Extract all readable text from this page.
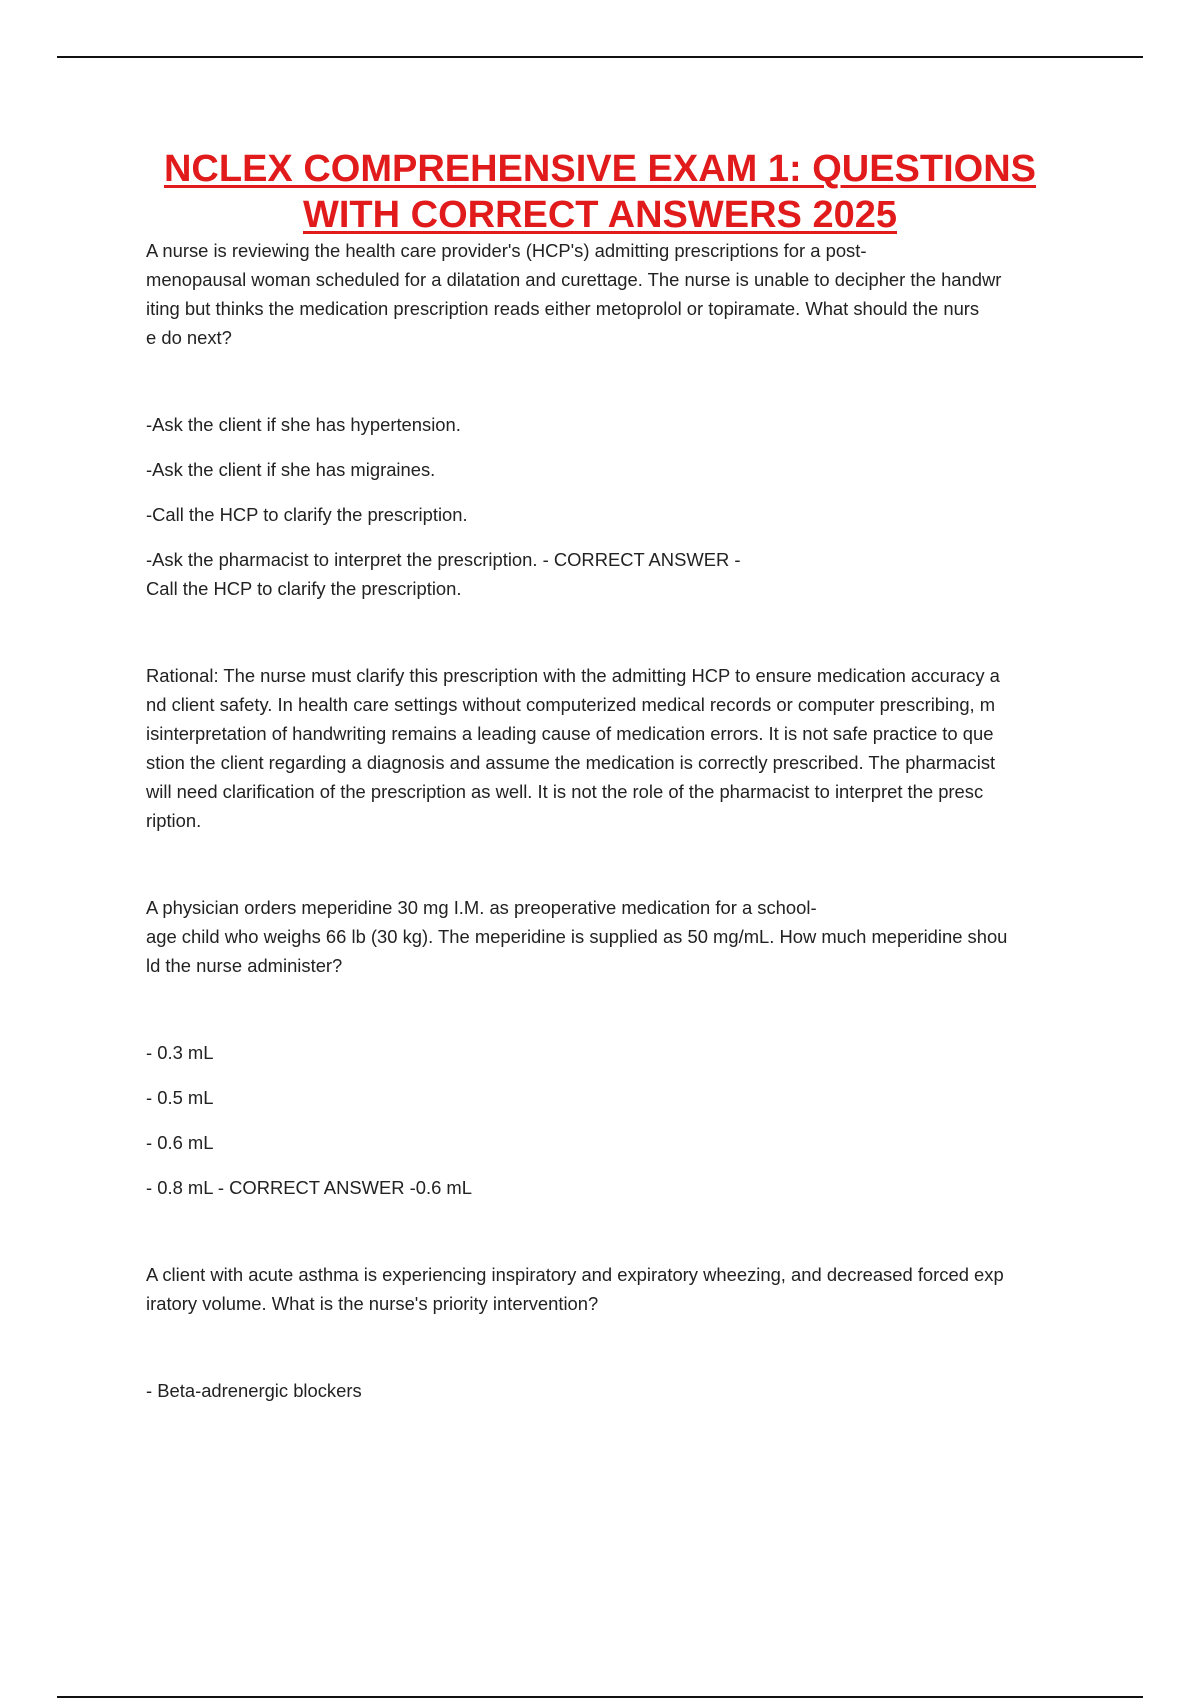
NCLEX COMPREHENSIVE EXAM 1: QUESTIONS
WITH CORRECT ANSWERS 2025

A nurse is reviewing the health care provider's (HCP's) admitting prescriptions for a post-
menopausal woman scheduled for a dilatation and curettage. The nurse is unable to decipher the handwr
iting but thinks the medication prescription reads either metoprolol or topiramate. What should the nurs
e do next?

-Ask the client if she has hypertension.

-Ask the client if she has migraines.

-Call the HCP to clarify the prescription.

-Ask the pharmacist to interpret the prescription. - CORRECT ANSWER -

Call the HCP to clarify the prescription.

Rational: The nurse must clarify this prescription with the admitting HCP to ensure medication accuracy a
nd client safety. In health care settings without computerized medical records or computer prescribing, m
isinterpretation of handwriting remains a leading cause of medication errors. It is not safe practice to que
stion the client regarding a diagnosis and assume the medication is correctly prescribed. The pharmacist
will need clarification of the prescription as well. It is not the role of the pharmacist to interpret the presc
ription.

A physician orders meperidine 30 mg I.M. as preoperative medication for a school-
age child who weighs 66 lb (30 kg). The meperidine is supplied as 50 mg/mL. How much meperidine shou
ld the nurse administer?

- 0.3 mL

- 0.5 mL

- 0.6 mL

- 0.8 mL - CORRECT ANSWER -0.6 mL

A client with acute asthma is experiencing inspiratory and expiratory wheezing, and decreased forced exp
iratory volume. What is the nurse's priority intervention?

- Beta-adrenergic blockers
